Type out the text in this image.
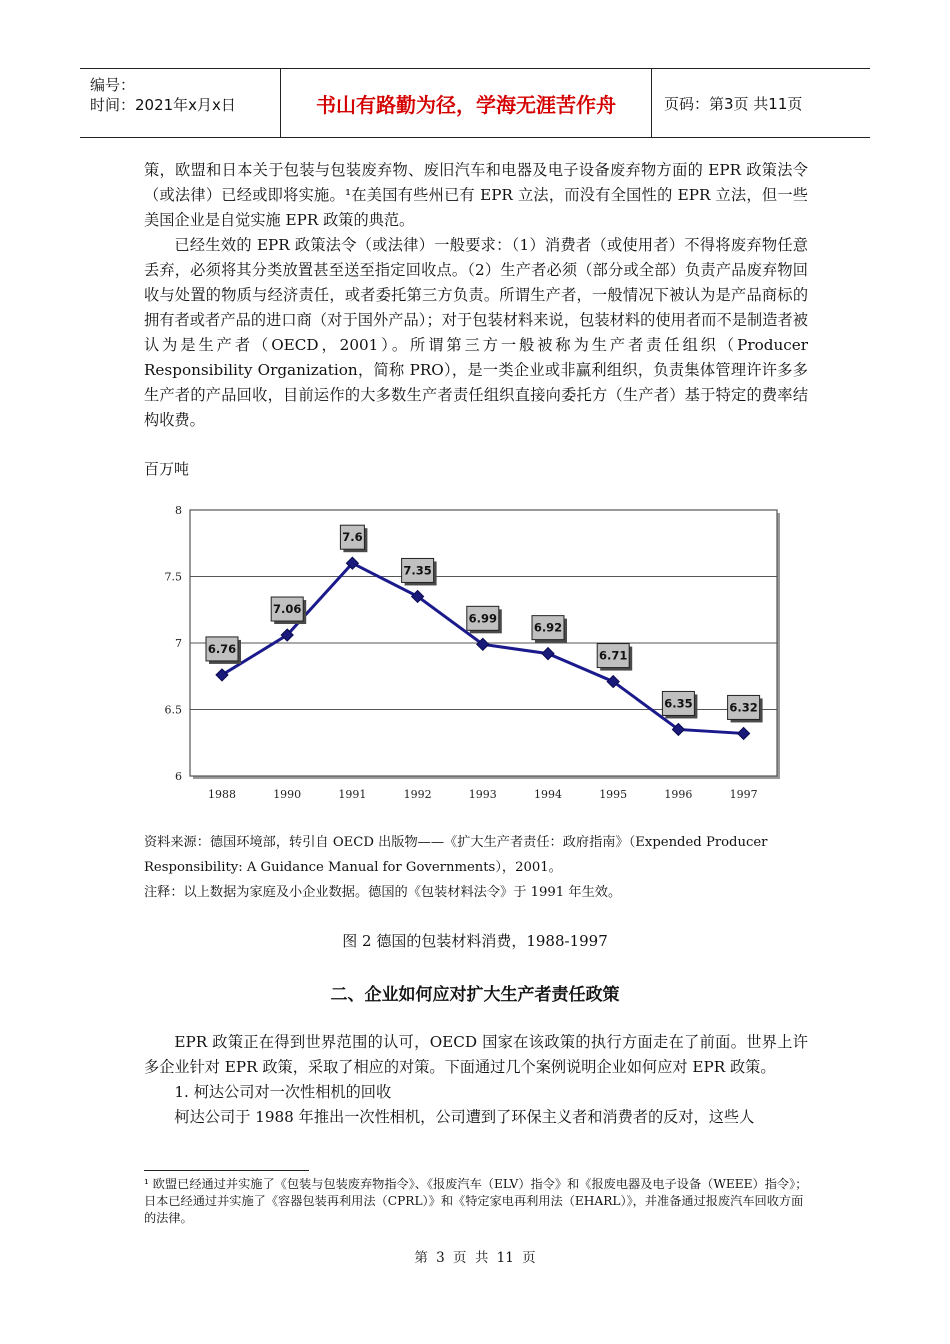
编号：
时间：2021年x月x日	书山有路勤为径，学海无涯苦作舟	页码：第3页 共11页

策，欧盟和日本关于包装与包装废弃物、废旧汽车和电器及电子设备废弃物方面的 EPR 政策法令（或法律）已经或即将实施。¹在美国有些州已有 EPR 立法，而没有全国性的 EPR 立法，但一些美国企业是自觉实施 EPR 政策的典范。

已经生效的 EPR 政策法令（或法律）一般要求：（1）消费者（或使用者）不得将废弃物任意丢弃，必须将其分类放置甚至送至指定回收点。（2）生产者必须（部分或全部）负责产品废弃物回收与处置的物质与经济责任，或者委托第三方负责。所谓生产者，一般情况下被认为是产品商标的拥有者或者产品的进口商（对于国外产品）；对于包装材料来说，包装材料的使用者而不是制造者被认为是生产者（OECD，2001）。所谓第三方一般被称为生产者责任组织（Producer Responsibility Organization，简称 PRO），是一类企业或非赢利组织，负责集体管理许许多多生产者的产品回收，目前运作的大多数生产者责任组织直接向委托方（生产者）基于特定的费率结构收费。

百万吨
8
7.5
7
6.5
6
1988	1990	1991	1992	1993	1994	1995	1996	1997
6.76
7.06
7.6
7.35
6.99
6.92
6.71
6.35	6.32

资料来源：德国环境部，转引自 OECD 出版物——《扩大生产者责任：政府指南》（Expended Producer

Responsibility: A Guidance Manual for Governments），2001。

注释：以上数据为家庭及小企业数据。德国的《包装材料法令》于 1991 年生效。

图 2 德国的包装材料消费，1988-1997
二、企业如何应对扩大生产者责任政策

EPR 政策正在得到世界范围的认可，OECD 国家在该政策的执行方面走在了前面。世界上许多企业针对 EPR 政策，采取了相应的对策。下面通过几个案例说明企业如何应对 EPR 政策。

1. 柯达公司对一次性相机的回收

柯达公司于 1988 年推出一次性相机，公司遭到了环保主义者和消费者的反对，这些人

¹ 欧盟已经通过并实施了《包装与包装废弃物指令》、《报废汽车（ELV）指令》和《报废电器及电子设备（WEEE）指令》；日本已经通过并实施了《容器包装再利用法（CPRL）》和《特定家电再利用法（EHARL）》，并准备通过报废汽车回收方面的法律。
第 3 页 共 11 页
